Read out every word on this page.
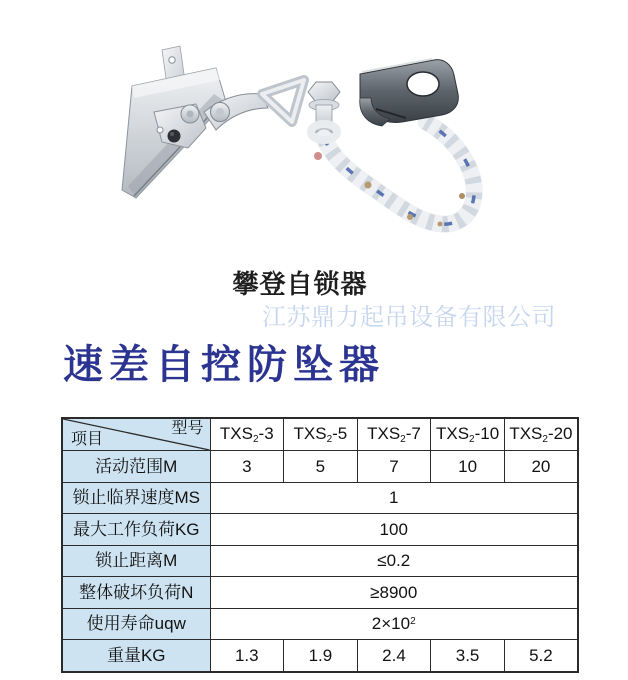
攀登自锁器
江苏鼎力起吊设备有限公司
速差自控防坠器
型号
项目	$TXS_2-3$	$TXS_2-5$	$TXS_2-7$	$TXS_2-10$	$TXS_2-20$
活动范围M	3	5	7	10	20
锁止临界速度MS	1				
最大工作负荷KG	100				
锁止距离M	≤0.2				
整体破坏负荷N	≥8900				
使用寿命uqw	$2\times 10^2$
重量KG	1.3	1.9	2.4	3.5	5.2
